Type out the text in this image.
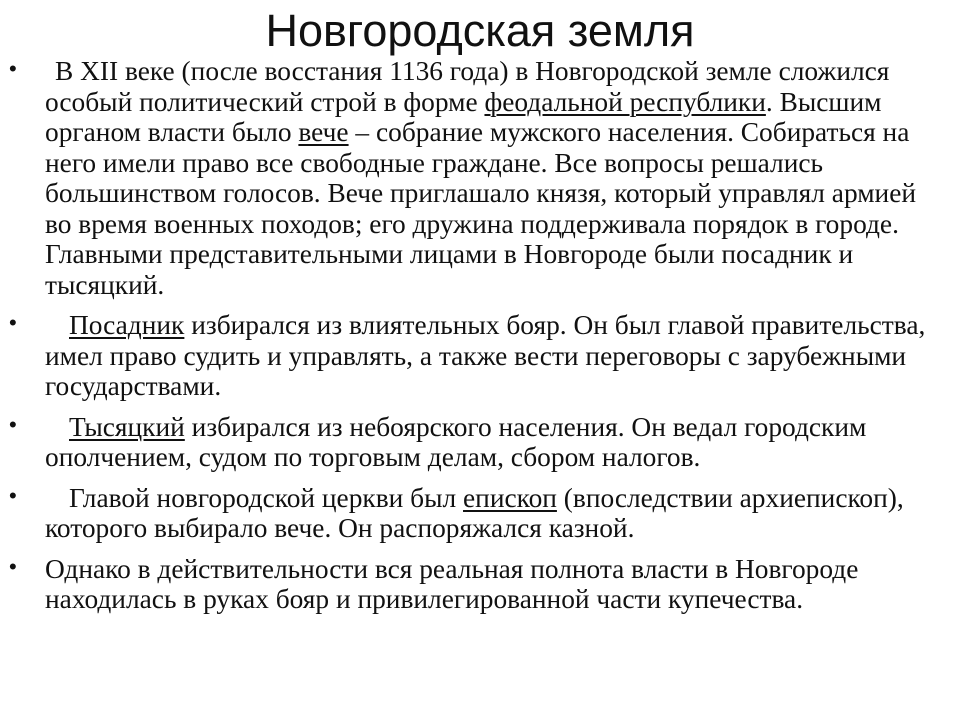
Новгородская земля
• В XII веке (после восстания 1136 года) в Новгородской земле сложился особый политический строй в форме феодальной республики. Высшим органом власти было вече – собрание мужского населения. Собираться на него имели право все свободные граждане. Все вопросы решались большинством голосов. Вече приглашало князя, который управлял армией во время военных походов; его дружина поддерживала порядок в городе. Главными представительными лицами в Новгороде были посадник и тысяцкий.
• Посадник избирался из влиятельных бояр. Он был главой правительства, имел право судить и управлять, а также вести переговоры с зарубежными государствами.
• Тысяцкий избирался из небоярского населения. Он ведал городским ополчением, судом по торговым делам, сбором налогов.
• Главой новгородской церкви был епископ (впоследствии архиепископ), которого выбирало вече. Он распоряжался казной.
• Однако в действительности вся реальная полнота власти в Новгороде находилась в руках бояр и привилегированной части купечества.
